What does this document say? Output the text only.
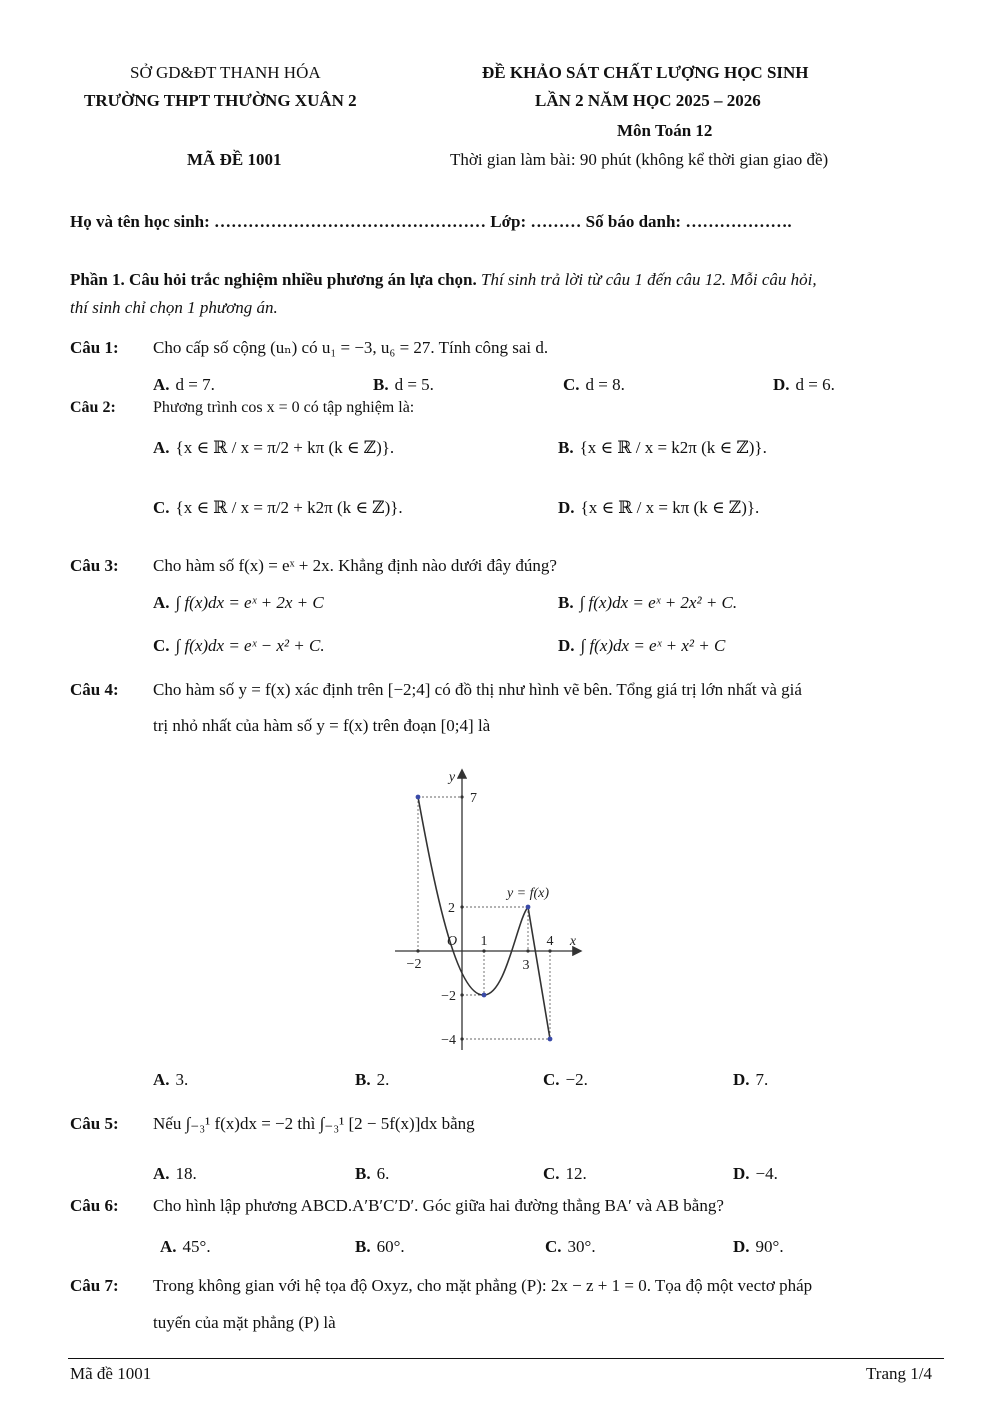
SỞ GD&ĐT THANH HÓA
TRƯỜNG THPT THƯỜNG XUÂN 2
MÃ ĐỀ 1001
ĐỀ KHẢO SÁT CHẤT LƯỢNG HỌC SINH
LẦN 2 NĂM HỌC 2025 – 2026
Môn Toán 12
Thời gian làm bài: 90 phút (không kể thời gian giao đề)
Họ và tên học sinh: ………………………………………… Lớp: ……… Số báo danh: ……………….
Phần 1. Câu hỏi trắc nghiệm nhiều phương án lựa chọn. Thí sinh trả lời từ câu 1 đến câu 12. Mỗi câu hỏi,
thí sinh chỉ chọn 1 phương án.
Câu 1: Cho cấp số cộng (uₙ) có u₁ = −3, u₆ = 27. Tính công sai d.
A. d = 7.	B. d = 5.	C. d = 8.	D. d = 6.
Câu 2: Phương trình cos x = 0 có tập nghiệm là:
A. {x ∈ ℝ / x = π/2 + kπ (k ∈ ℤ)}.	B. {x ∈ ℝ / x = k2π (k ∈ ℤ)}.
C. {x ∈ ℝ / x = π/2 + k2π (k ∈ ℤ)}.	D. {x ∈ ℝ / x = kπ (k ∈ ℤ)}.
Câu 3: Cho hàm số f(x) = eˣ + 2x. Khẳng định nào dưới đây đúng?
A. ∫ f(x)dx = eˣ + 2x + C	B. ∫ f(x)dx = eˣ + 2x² + C.
C. ∫ f(x)dx = eˣ − x² + C.	D. ∫ f(x)dx = eˣ + x² + C
Câu 4: Cho hàm số y = f(x) xác định trên [−2;4] có đồ thị như hình vẽ bên. Tổng giá trị lớn nhất và giá
trị nhỏ nhất của hàm số y = f(x) trên đoạn [0;4] là
y
x
7
2
−2
−4
−2
O 1
3
4
y = f(x)
A. 3.	B. 2.	C. −2.	D. 7.
Câu 5: Nếu ∫₋₃¹ f(x)dx = −2 thì ∫₋₃¹ [2 − 5f(x)]dx bằng
A. 18.	B. 6.	C. 12.	D. −4.
Câu 6: Cho hình lập phương ABCD.A′B′C′D′. Góc giữa hai đường thẳng BA′ và AB bằng?
A. 45°.	B. 60°.	C. 30°.	D. 90°.
Câu 7: Trong không gian với hệ tọa độ Oxyz, cho mặt phẳng (P): 2x − z + 1 = 0. Tọa độ một vectơ pháp
tuyến của mặt phẳng (P) là
Mã đề 1001	Trang 1/4
